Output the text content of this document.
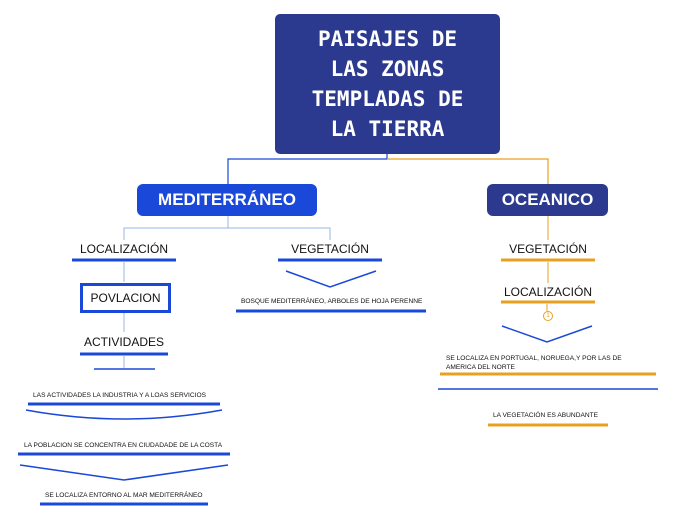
PAISAJES DE
LAS ZONAS
TEMPLADAS DE
LA TIERRA
MEDITERRÁNEO	OCEANICO
LOCALIZACIÓN
POVLACION
ACTIVIDADES
LAS ACTIVIDADES LA INDUSTRIA Y A LOAS SERVICIOS
LA POBLACION SE CONCENTRA EN CIUDADADE DE LA COSTA
SE LOCALIZA ENTORNO AL MAR MEDITERRÁNEO
VEGETACIÓN
BOSQUE MEDITERRÁNEO, ARBOLES DE HOJA PERENNE
VEGETACIÓN
LOCALIZACIÓN
1
SE LOCALIZA EN PORTUGAL, NORUEGA,Y POR LAS DE AMERICA DEL NORTE
LA VEGETACIÓN ES ABUNDANTE
